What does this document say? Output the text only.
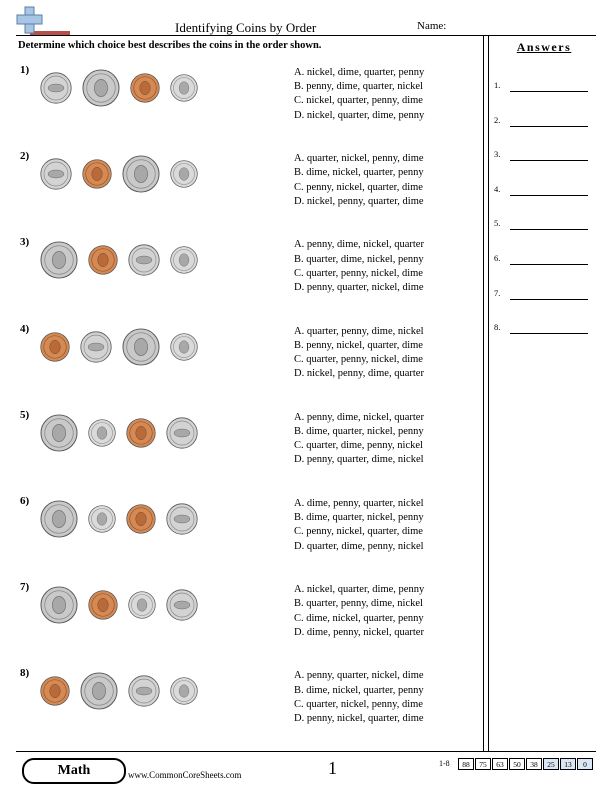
Identifying Coins by Order	Name:
Determine which choice best describes the coins in the order shown.	Answers
1.
2.
3.
4.
5.
6.
7.
8.
1)	A. nickel, dime, quarter, penny
B. penny, dime, quarter, nickel
C. nickel, quarter, penny, dime
D. nickel, quarter, dime, penny
2)	A. quarter, nickel, penny, dime
B. dime, nickel, quarter, penny
C. penny, nickel, quarter, dime
D. nickel, penny, quarter, dime
3)	A. penny, dime, nickel, quarter
B. quarter, dime, nickel, penny
C. quarter, penny, nickel, dime
D. penny, quarter, nickel, dime
4)	A. quarter, penny, dime, nickel
B. penny, nickel, quarter, dime
C. quarter, penny, nickel, dime
D. nickel, penny, dime, quarter
5)	A. penny, dime, nickel, quarter
B. dime, quarter, nickel, penny
C. quarter, dime, penny, nickel
D. penny, quarter, dime, nickel
6)	A. dime, penny, quarter, nickel
B. dime, quarter, nickel, penny
C. penny, nickel, quarter, dime
D. quarter, dime, penny, nickel
7)	A. nickel, quarter, dime, penny
B. quarter, penny, dime, nickel
C. dime, nickel, quarter, penny
D. dime, penny, nickel, quarter
8)	A. penny, quarter, nickel, dime
B. dime, nickel, quarter, penny
C. quarter, nickel, penny, dime
D. penny, nickel, quarter, dime
Math	www.CommonCoreSheets.com	1	1-8	88	75	63	50	38	25	13	0
